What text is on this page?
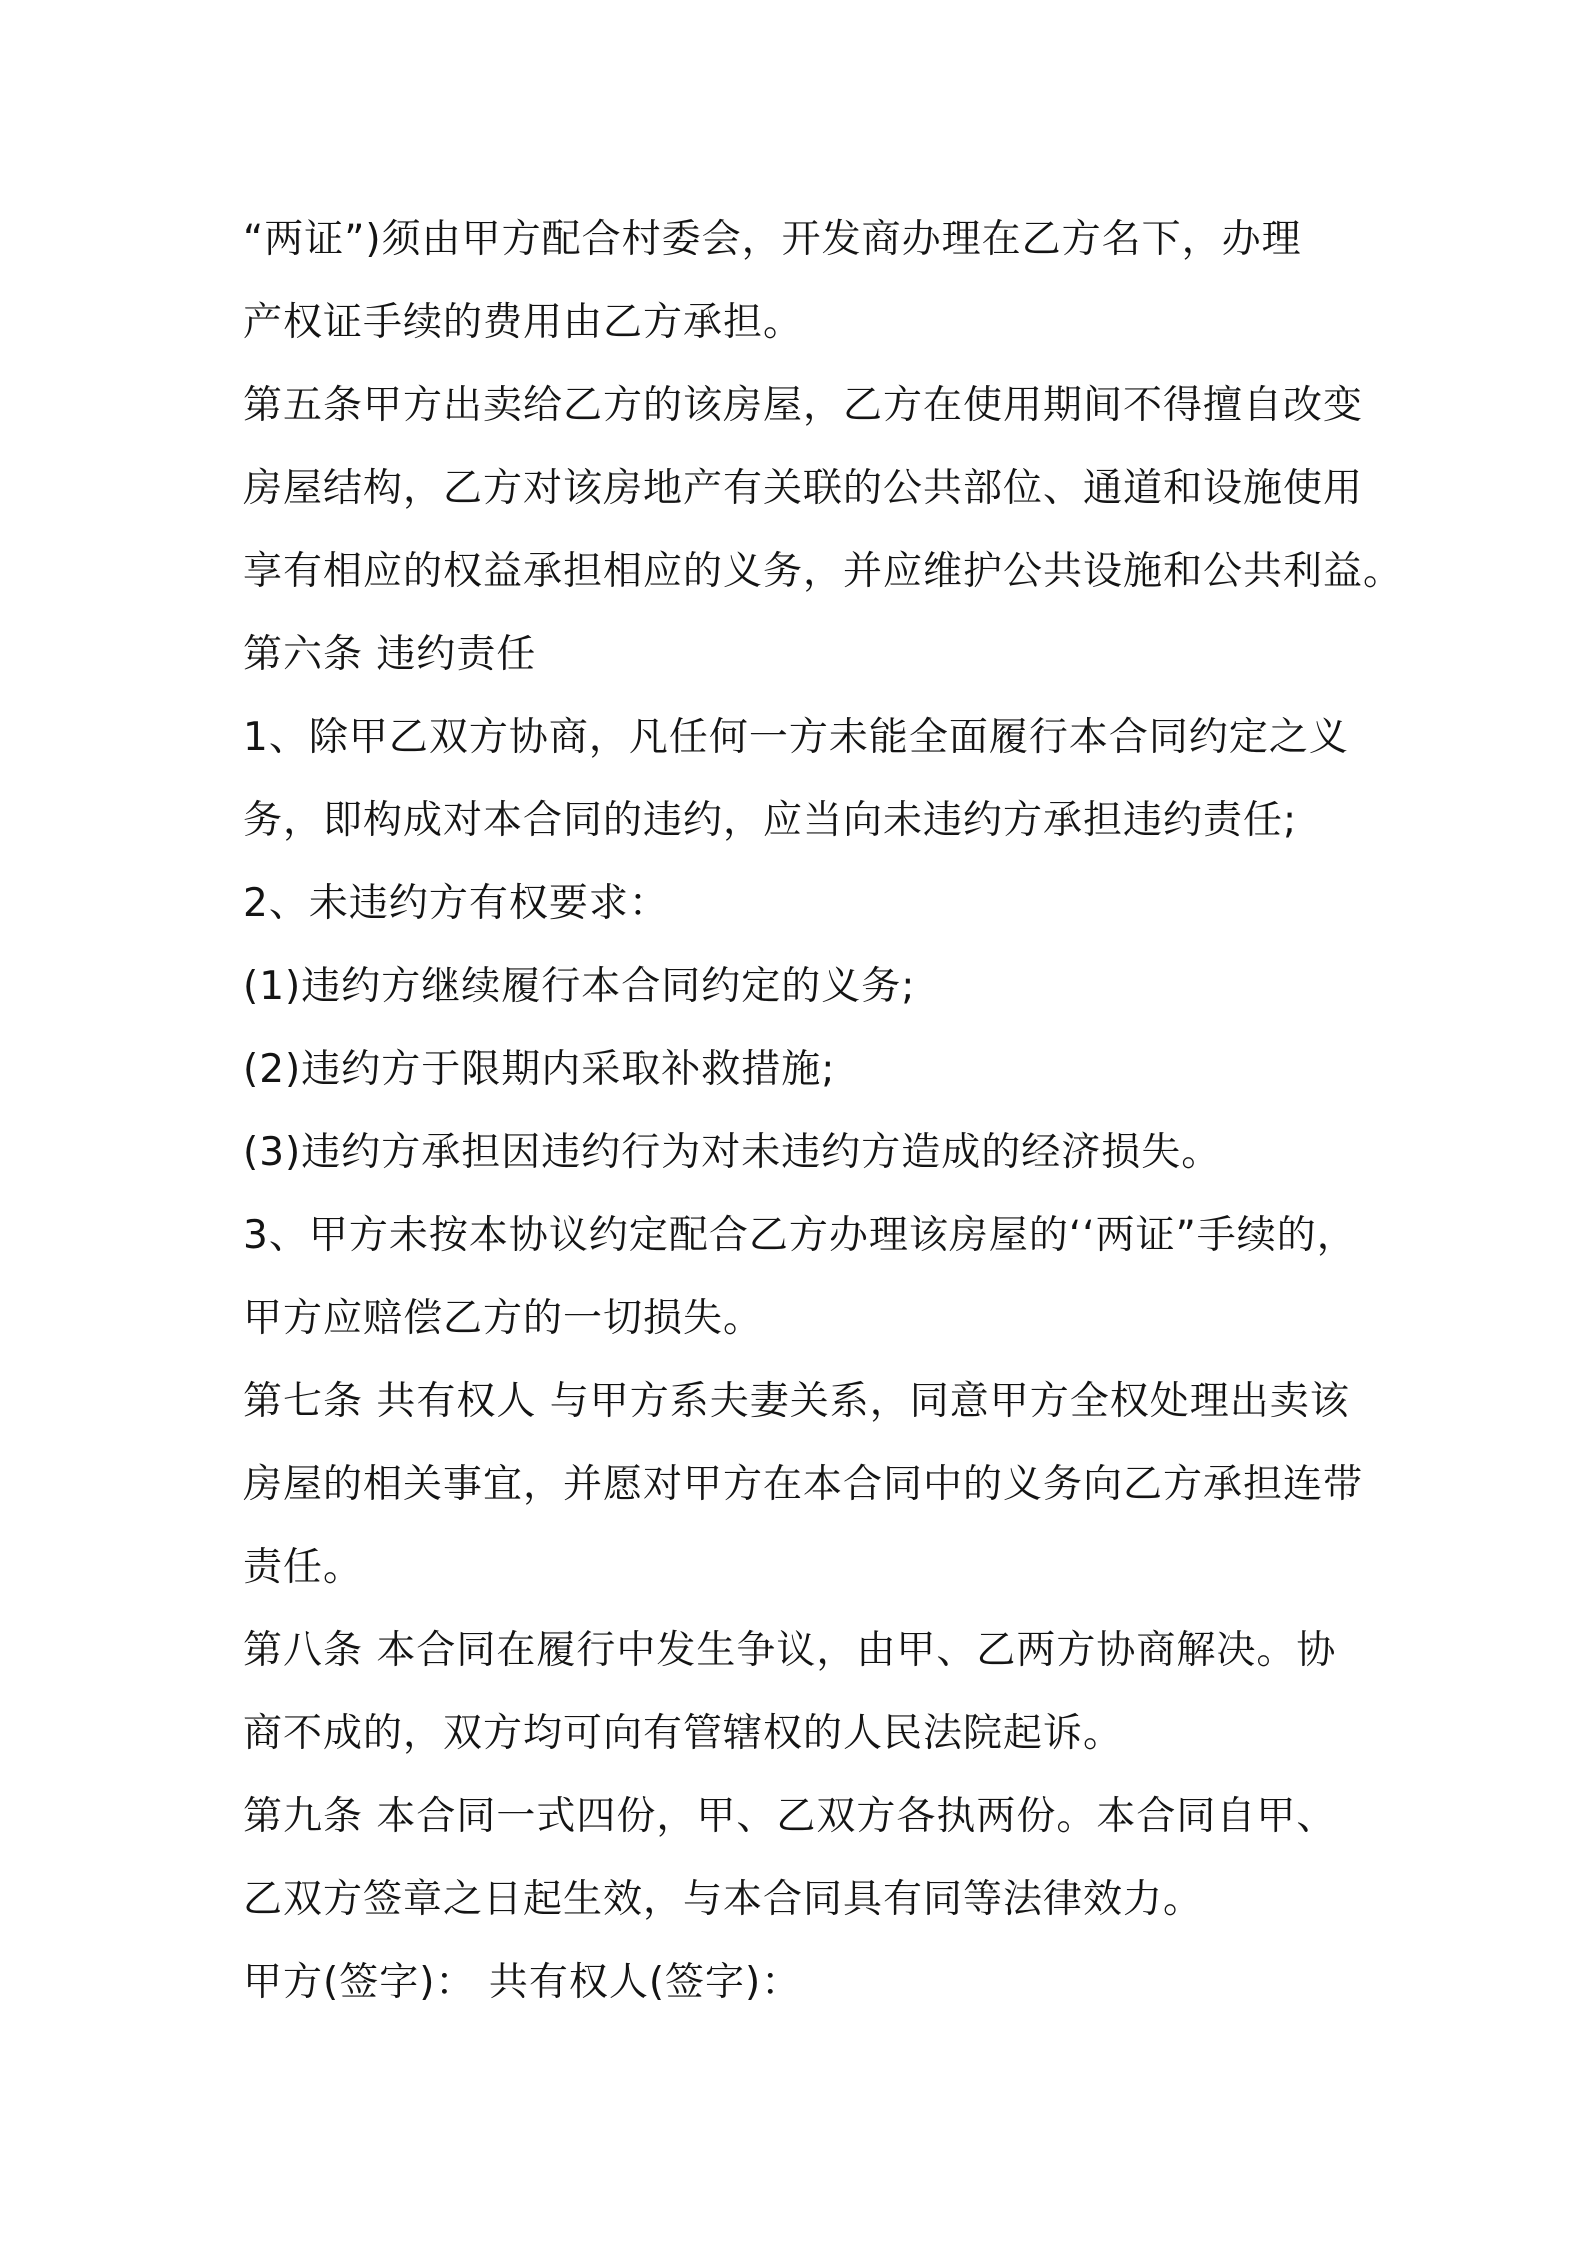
“两证”)须由甲方配合村委会，开发商办理在乙方名下，办理
产权证手续的费用由乙方承担。
第五条甲方出卖给乙方的该房屋，乙方在使用期间不得擅自改变
房屋结构，乙方对该房地产有关联的公共部位、通道和设施使用
享有相应的权益承担相应的义务，并应维护公共设施和公共利益。
第六条 违约责任
1、除甲乙双方协商，凡任何一方未能全面履行本合同约定之义
务，即构成对本合同的违约，应当向未违约方承担违约责任;
2、未违约方有权要求：
(1)违约方继续履行本合同约定的义务;
(2)违约方于限期内采取补救措施;
(3)违约方承担因违约行为对未违约方造成的经济损失。
3、甲方未按本协议约定配合乙方办理该房屋的‘‘两证”手续的，
甲方应赔偿乙方的一切损失。
第七条 共有权人 与甲方系夫妻关系，同意甲方全权处理出卖该
房屋的相关事宜，并愿对甲方在本合同中的义务向乙方承担连带
责任。
第八条 本合同在履行中发生争议，由甲、乙两方协商解决。协
商不成的，双方均可向有管辖权的人民法院起诉。
第九条 本合同一式四份，甲、乙双方各执两份。本合同自甲、
乙双方签章之日起生效，与本合同具有同等法律效力。
甲方(签字)： 共有权人(签字)：
